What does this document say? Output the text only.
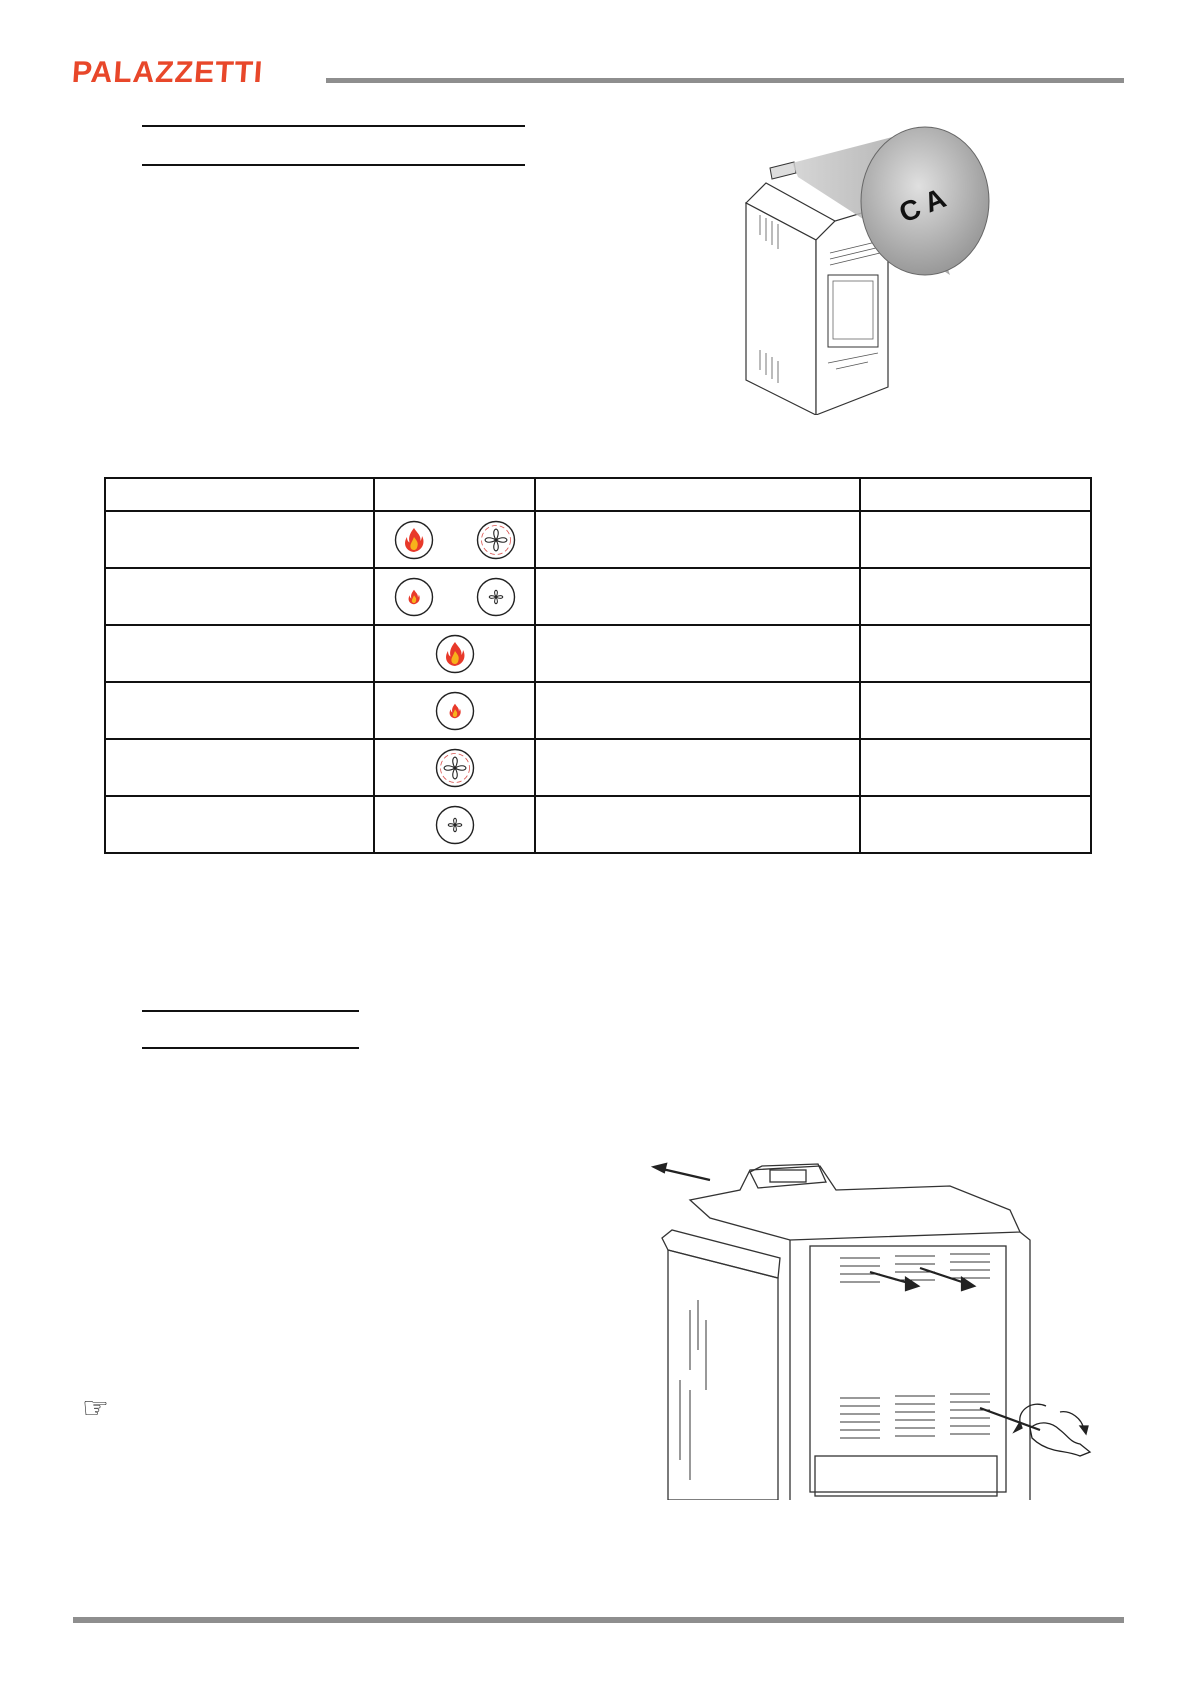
PALAZZETTI
C A

☞
